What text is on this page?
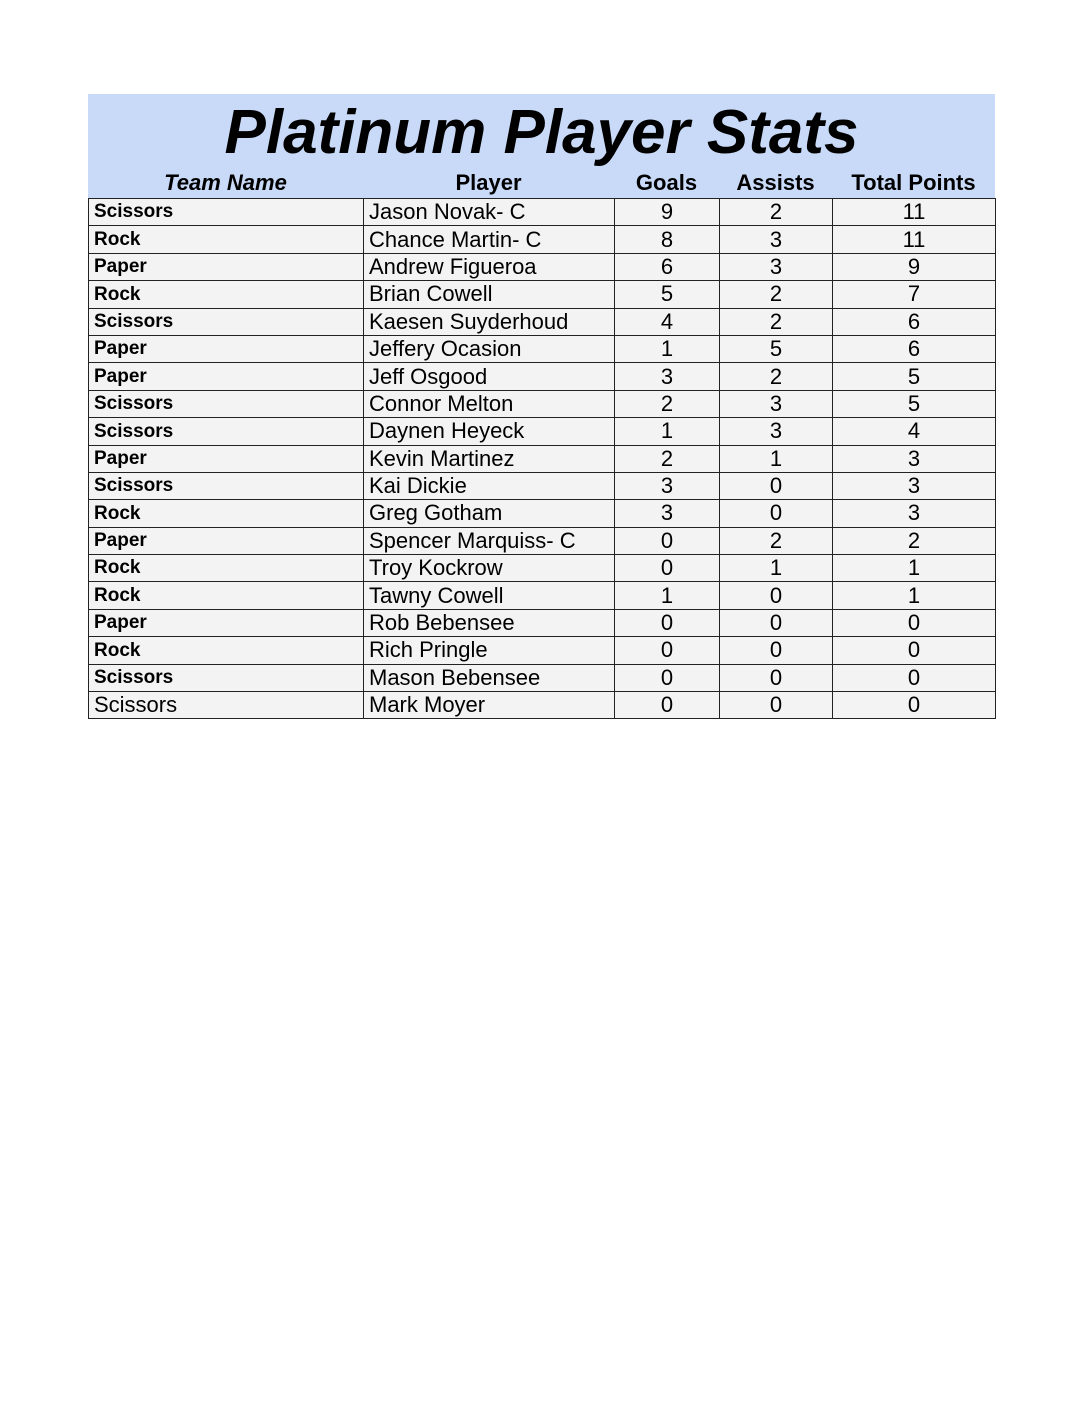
Platinum Player Stats
Team Name	Player	Goals	Assists	Total Points
Scissors	Jason Novak- C	9	2	11
Rock	Chance Martin- C	8	3	11
Paper	Andrew Figueroa	6	3	9
Rock	Brian Cowell	5	2	7
Scissors	Kaesen Suyderhoud	4	2	6
Paper	Jeffery Ocasion	1	5	6
Paper	Jeff Osgood	3	2	5
Scissors	Connor Melton	2	3	5
Scissors	Daynen Heyeck	1	3	4
Paper	Kevin Martinez	2	1	3
Scissors	Kai Dickie	3	0	3
Rock	Greg Gotham	3	0	3
Paper	Spencer Marquiss- C	0	2	2
Rock	Troy Kockrow	0	1	1
Rock	Tawny Cowell	1	0	1
Paper	Rob Bebensee	0	0	0
Rock	Rich Pringle	0	0	0
Scissors	Mason Bebensee	0	0	0
Scissors	Mark Moyer	0	0	0
